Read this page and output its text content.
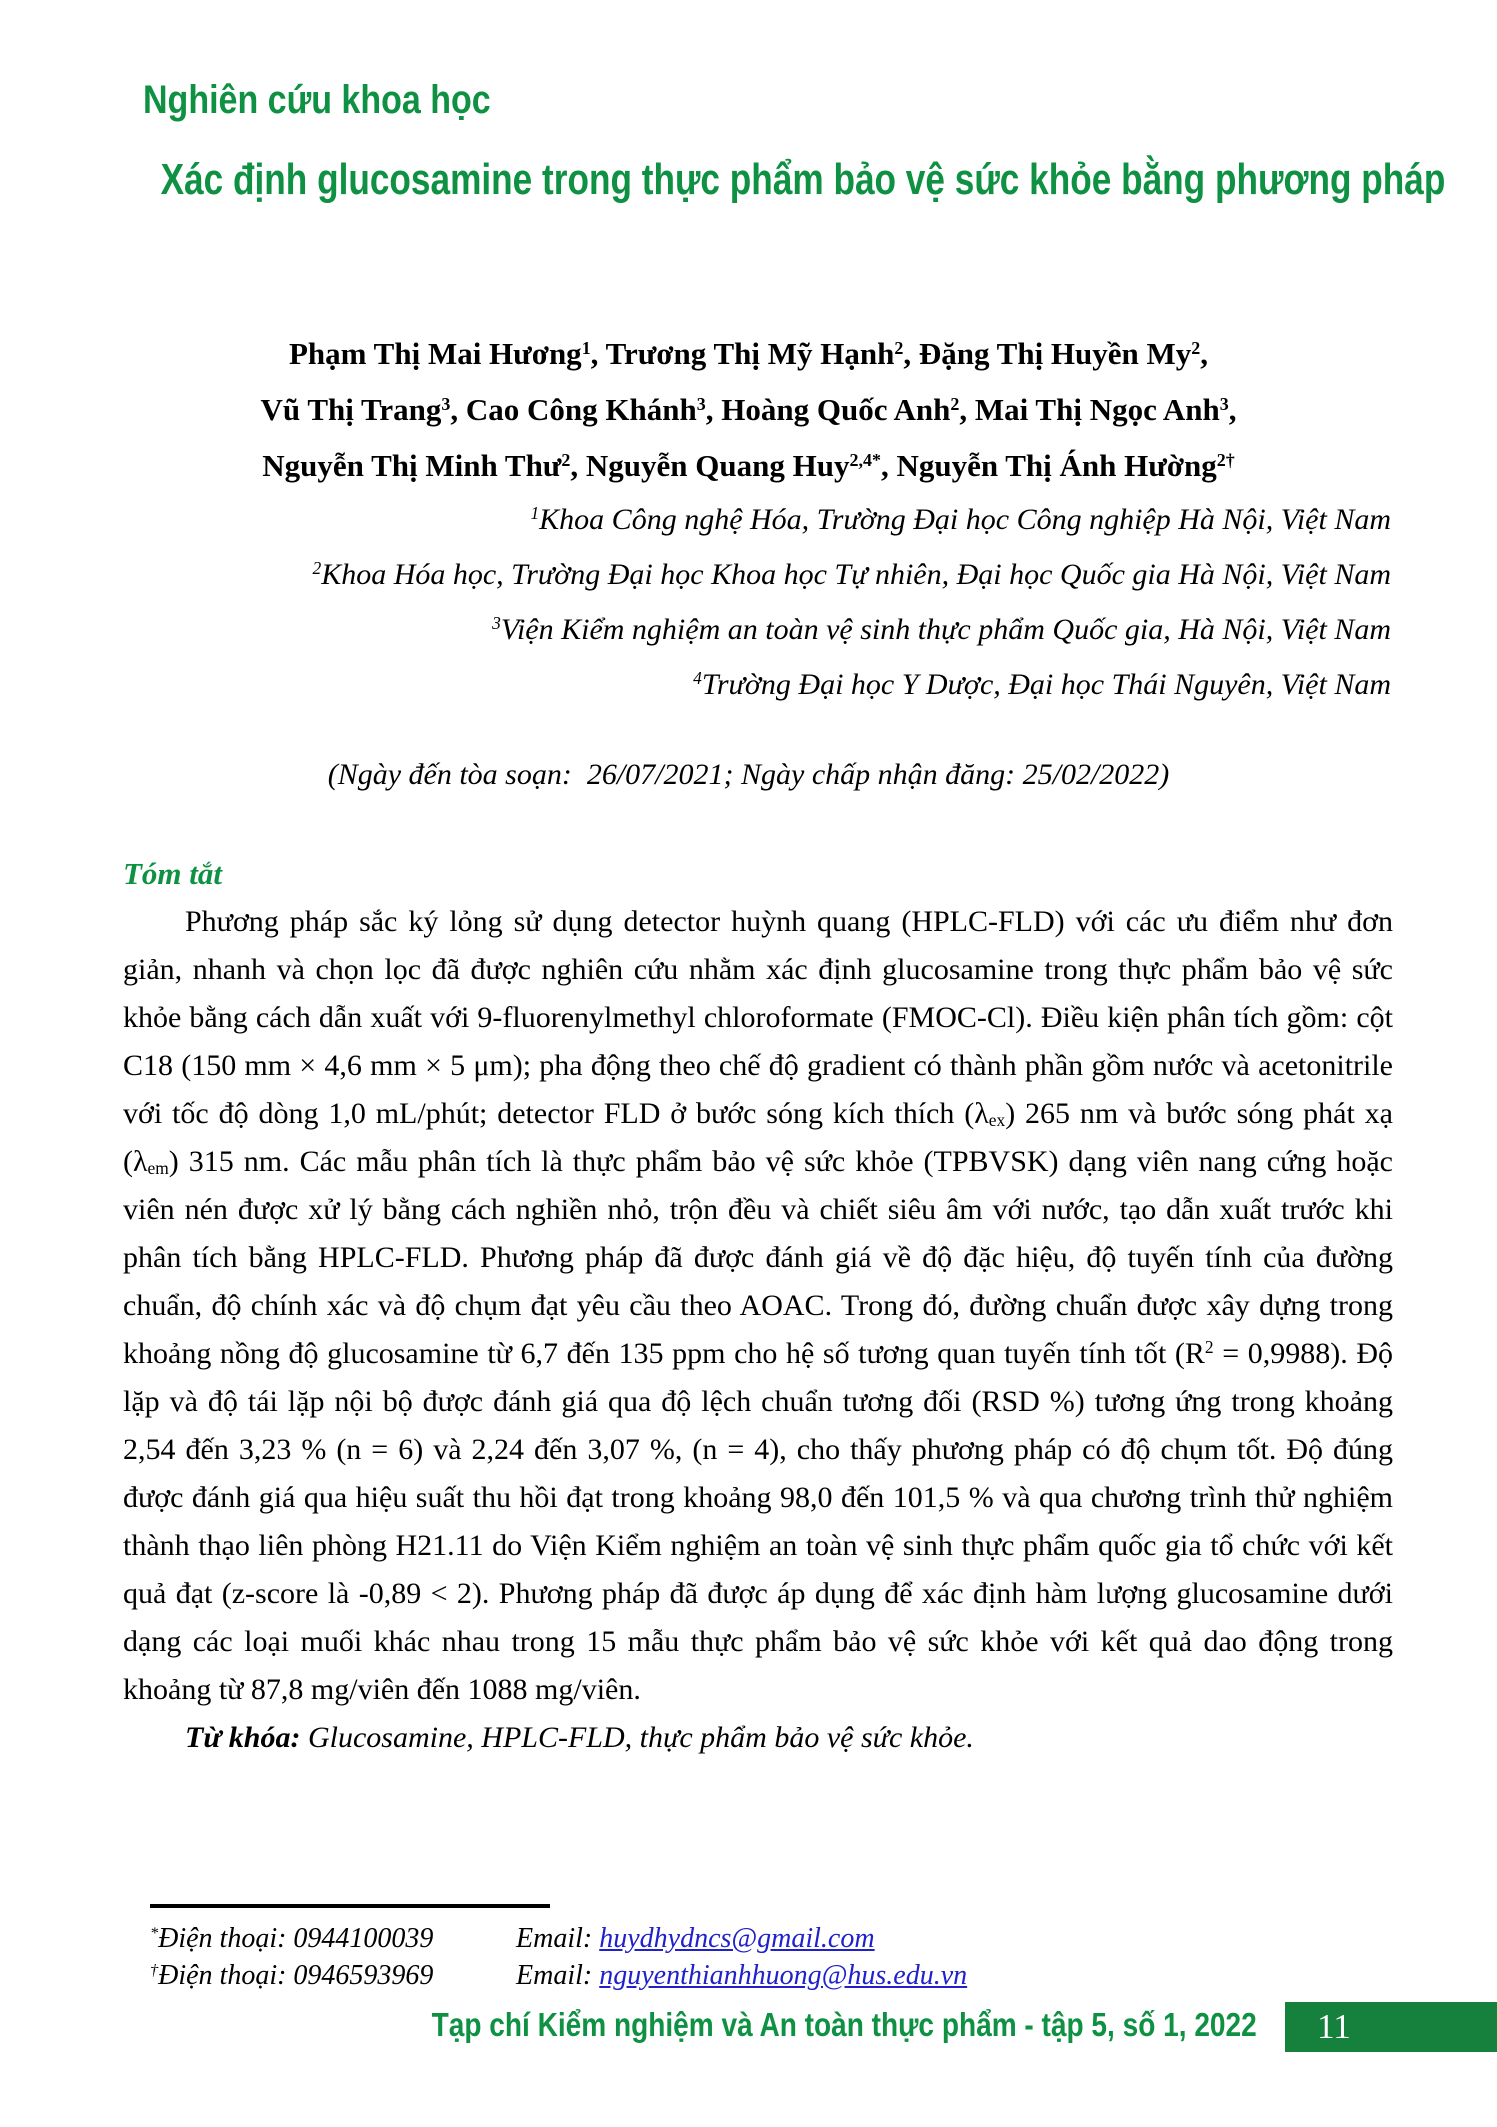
Nghiên cứu khoa học
Xác định glucosamine trong thực phẩm bảo vệ sức khỏe bằng phương pháp
Phạm Thị Mai Hương$^1$, Trương Thị Mỹ Hạnh$^2$, Đặng Thị Huyền My$^2$,
Vũ Thị Trang$^3$, Cao Công Khánh$^3$, Hoàng Quốc Anh$^2$, Mai Thị Ngọc Anh$^3$,
Nguyễn Thị Minh Thư$^2$, Nguyễn Quang Huy$^{2,4*}$, Nguyễn Thị Ánh Hường$^{2\dagger}$
$^1$Khoa Công nghệ Hóa, Trường Đại học Công nghiệp Hà Nội, Việt Nam
$^2$Khoa Hóa học, Trường Đại học Khoa học Tự nhiên, Đại học Quốc gia Hà Nội, Việt Nam
$^3$Viện Kiểm nghiệm an toàn vệ sinh thực phẩm Quốc gia, Hà Nội, Việt Nam
$^4$Trường Đại học Y Dược, Đại học Thái Nguyên, Việt Nam
(Ngày đến tòa soạn:  26/07/2021; Ngày chấp nhận đăng: 25/02/2022)
Tóm tắt

Phương pháp sắc ký lỏng sử dụng detector huỳnh quang (HPLC-FLD) với các ưu điểm như đơn giản, nhanh và chọn lọc đã được nghiên cứu nhằm xác định glucosamine trong thực phẩm bảo vệ sức khỏe bằng cách dẫn xuất với 9-fluorenylmethyl chloroformate (FMOC-Cl). Điều kiện phân tích gồm: cột C18 (150 mm × 4,6 mm × 5 μm); pha động theo chế độ gradient có thành phần gồm nước và acetonitrile với tốc độ dòng 1,0 mL/phút; detector FLD ở bước sóng kích thích $(\lambda_{ex})$ 265 nm và bước sóng phát xạ $(\lambda_{em})$ 315 nm. Các mẫu phân tích là thực phẩm bảo vệ sức khỏe (TPBVSK) dạng viên nang cứng hoặc viên nén được xử lý bằng cách nghiền nhỏ, trộn đều và chiết siêu âm với nước, tạo dẫn xuất trước khi phân tích bằng HPLC-FLD. Phương pháp đã được đánh giá về độ đặc hiệu, độ tuyến tính của đường chuẩn, độ chính xác và độ chụm đạt yêu cầu theo AOAC. Trong đó, đường chuẩn được xây dựng trong khoảng nồng độ glucosamine từ 6,7 đến 135 ppm cho hệ số tương quan tuyến tính tốt $(R^2 = 0,9988)$. Độ lặp và độ tái lặp nội bộ được đánh giá qua độ lệch chuẩn tương đối (RSD %) tương ứng trong khoảng 2,54 đến 3,23 % (n = 6) và 2,24 đến 3,07 %, (n = 4), cho thấy phương pháp có độ chụm tốt. Độ đúng được đánh giá qua hiệu suất thu hồi đạt trong khoảng 98,0 đến 101,5 % và qua chương trình thử nghiệm thành thạo liên phòng H21.11 do Viện Kiểm nghiệm an toàn vệ sinh thực phẩm quốc gia tổ chức với kết quả đạt (z-score là -0,89 < 2). Phương pháp đã được áp dụng để xác định hàm lượng glucosamine dưới dạng các loại muối khác nhau trong 15 mẫu thực phẩm bảo vệ sức khỏe với kết quả dao động trong khoảng từ 87,8 mg/viên đến 1088 mg/viên.

Từ khóa: Glucosamine, HPLC-FLD, thực phẩm bảo vệ sức khỏe.

*Điện thoại: 0944100039	Email: huydhydncs@gmail.com
†Điện thoại: 0946593969	Email: nguyenthianhhuong@hus.edu.vn
Tạp chí Kiểm nghiệm và An toàn thực phẩm - tập 5, số 1, 2022 11
